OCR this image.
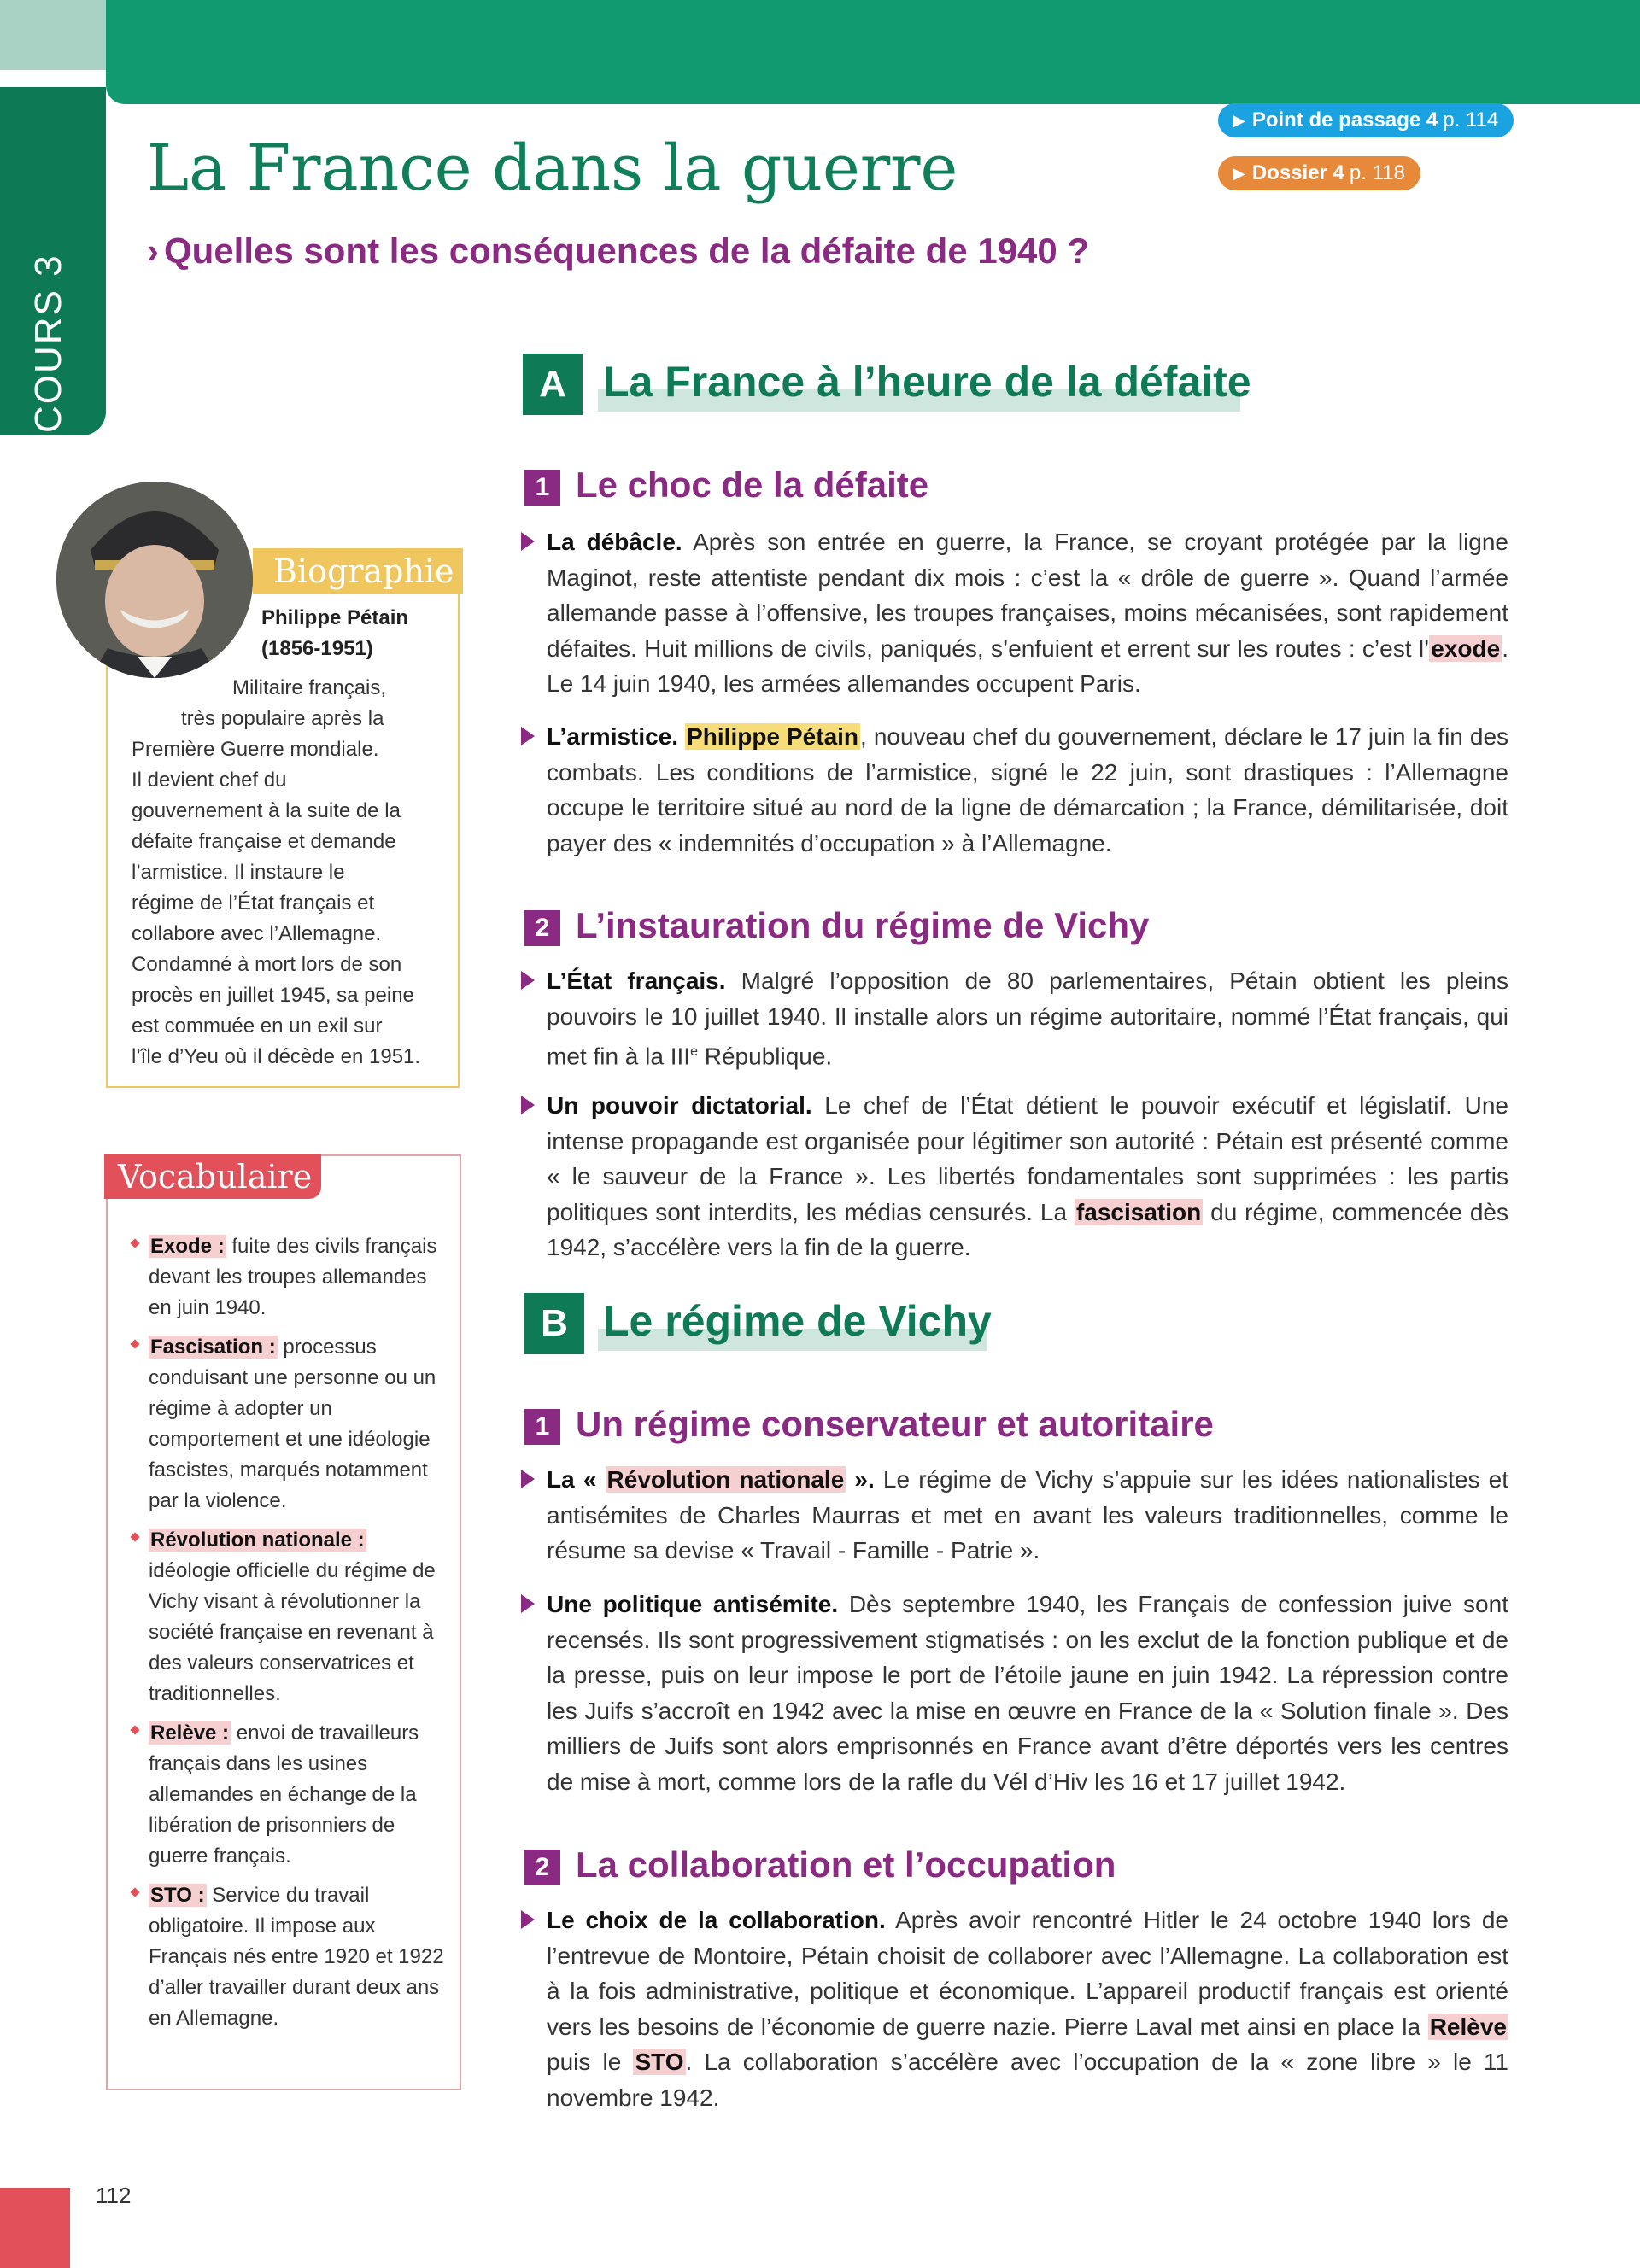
COURS 3
La France dans la guerre
› Quelles sont les conséquences de la défaite de 1940 ?
▶ Point de passage 4 p. 114
▶ Dossier 4 p. 118
Biographie
Philippe Pétain
(1856-1951)
Militaire français,
très populaire après la
Première Guerre mondiale.
Il devient chef du
gouvernement à la suite de la
défaite française et demande
l’armistice. Il instaure le
régime de l’État français et
collabore avec l’Allemagne.
Condamné à mort lors de son
procès en juillet 1945, sa peine
est commuée en un exil sur
l’île d’Yeu où il décède en 1951.
Vocabulaire
Exode : fuite des civils français devant les troupes allemandes en juin 1940.
Fascisation : processus conduisant une personne ou un régime à adopter un comportement et une idéologie fascistes, marqués notamment par la violence.
Révolution nationale : idéologie officielle du régime de Vichy visant à révolutionner la société française en revenant à des valeurs conservatrices et traditionnelles.
Relève : envoi de travailleurs français dans les usines allemandes en échange de la libération de prisonniers de guerre français.
STO : Service du travail obligatoire. Il impose aux Français nés entre 1920 et 1922 d’aller travailler durant deux ans en Allemagne.
A La France à l’heure de la défaite
1 Le choc de la défaite
La débâcle. Après son entrée en guerre, la France, se croyant protégée par la ligne Maginot, reste attentiste pendant dix mois : c’est la « drôle de guerre ». Quand l’armée allemande passe à l’offensive, les troupes françaises, moins mécanisées, sont rapidement défaites. Huit millions de civils, paniqués, s’enfuient et errent sur les routes : c’est l’exode. Le 14 juin 1940, les armées allemandes occupent Paris.
L’armistice. Philippe Pétain, nouveau chef du gouvernement, déclare le 17 juin la fin des combats. Les conditions de l’armistice, signé le 22 juin, sont drastiques : l’Allemagne occupe le territoire situé au nord de la ligne de démarcation ; la France, démilitarisée, doit payer des « indemnités d’occupation » à l’Allemagne.
2 L’instauration du régime de Vichy
L’État français. Malgré l’opposition de 80 parlementaires, Pétain obtient les pleins pouvoirs le 10 juillet 1940. Il installe alors un régime autoritaire, nommé l’État français, qui met fin à la IIIe République.
Un pouvoir dictatorial. Le chef de l’État détient le pouvoir exécutif et législatif. Une intense propagande est organisée pour légitimer son autorité : Pétain est présenté comme « le sauveur de la France ». Les libertés fondamentales sont supprimées : les partis politiques sont interdits, les médias censurés. La fascisation du régime, commencée dès 1942, s’accélère vers la fin de la guerre.
B Le régime de Vichy
1 Un régime conservateur et autoritaire
La « Révolution nationale ». Le régime de Vichy s’appuie sur les idées nationalistes et antisémites de Charles Maurras et met en avant les valeurs traditionnelles, comme le résume sa devise « Travail - Famille - Patrie ».
Une politique antisémite. Dès septembre 1940, les Français de confession juive sont recensés. Ils sont progressivement stigmatisés : on les exclut de la fonction publique et de la presse, puis on leur impose le port de l’étoile jaune en juin 1942. La répression contre les Juifs s’accroît en 1942 avec la mise en œuvre en France de la « Solution finale ». Des milliers de Juifs sont alors emprisonnés en France avant d’être déportés vers les centres de mise à mort, comme lors de la rafle du Vél d’Hiv les 16 et 17 juillet 1942.
2 La collaboration et l’occupation
Le choix de la collaboration. Après avoir rencontré Hitler le 24 octobre 1940 lors de l’entrevue de Montoire, Pétain choisit de collaborer avec l’Allemagne. La collaboration est à la fois administrative, politique et économique. L’appareil productif français est orienté vers les besoins de l’économie de guerre nazie. Pierre Laval met ainsi en place la Relève puis le STO. La collaboration s’accélère avec l’occupation de la « zone libre » le 11 novembre 1942.
112
